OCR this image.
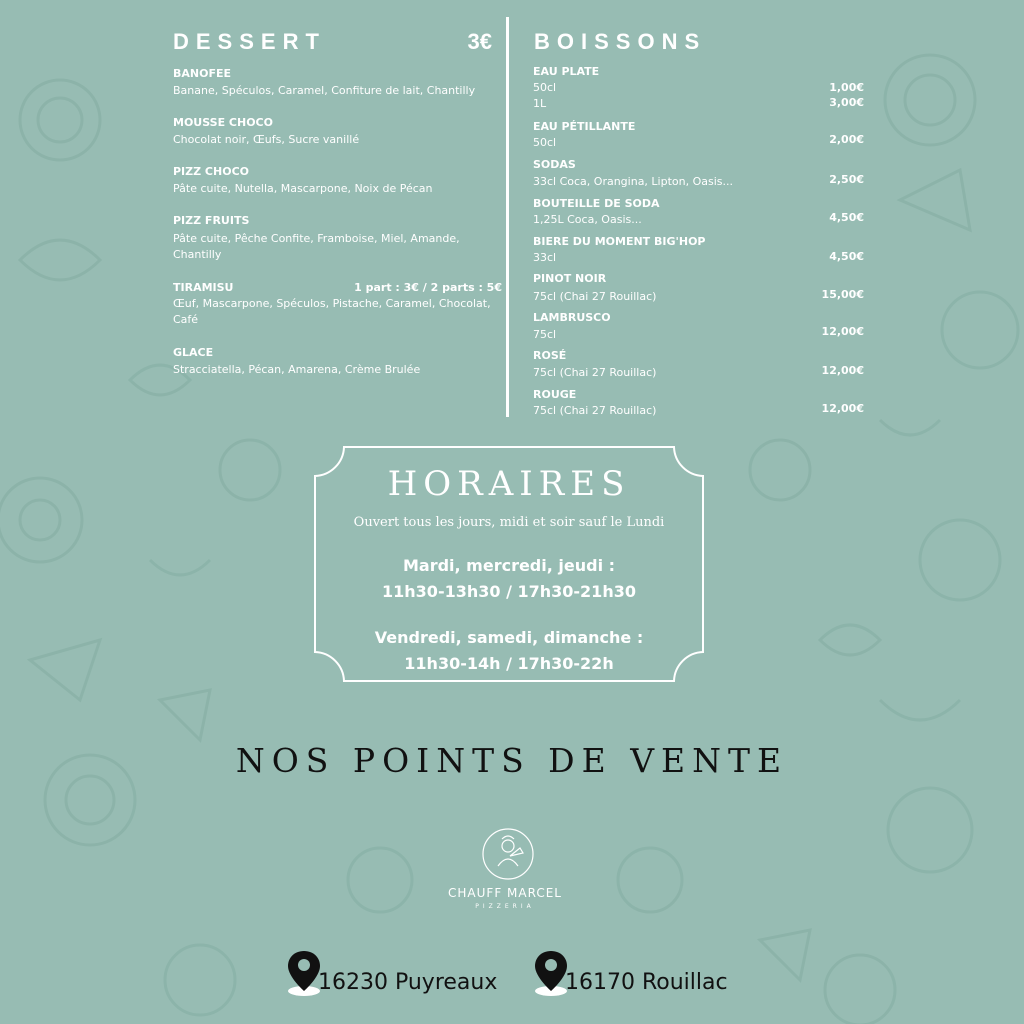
DESSERT	3€
BANOFEE
Banane, Spéculos, Caramel, Confiture de lait, Chantilly
MOUSSE CHOCO
Chocolat noir, Œufs, Sucre vanillé
PIZZ CHOCO
Pâte cuite, Nutella, Mascarpone, Noix de Pécan
PIZZ FRUITS
Pâte cuite, Pêche Confite, Framboise, Miel, Amande,
Chantilly
TIRAMISU	1 part : 3€ / 2 parts : 5€
Œuf, Mascarpone, Spéculos, Pistache, Caramel, Chocolat,
Café
GLACE
Stracciatella, Pécan, Amarena, Crème Brulée
BOISSONS
EAU PLATE
50cl	1,00€
1L	3,00€
EAU PÉTILLANTE
50cl	2,00€
SODAS
33cl Coca, Orangina, Lipton, Oasis...	2,50€
BOUTEILLE DE SODA
1,25L Coca, Oasis...	4,50€
BIERE DU MOMENT BIG'HOP
33cl	4,50€
PINOT NOIR
75cl (Chai 27 Rouillac)	15,00€
LAMBRUSCO
75cl	12,00€
ROSÉ
75cl (Chai 27 Rouillac)	12,00€
ROUGE
75cl (Chai 27 Rouillac)	12,00€
HORAIRES
Ouvert tous les jours, midi et soir sauf le Lundi
Mardi, mercredi, jeudi :
11h30-13h30 / 17h30-21h30
Vendredi, samedi, dimanche :
11h30-14h / 17h30-22h
NOS POINTS DE VENTE
CHAUFF MARCEL
PIZZERIA
16230 Puyreaux	16170 Rouillac
